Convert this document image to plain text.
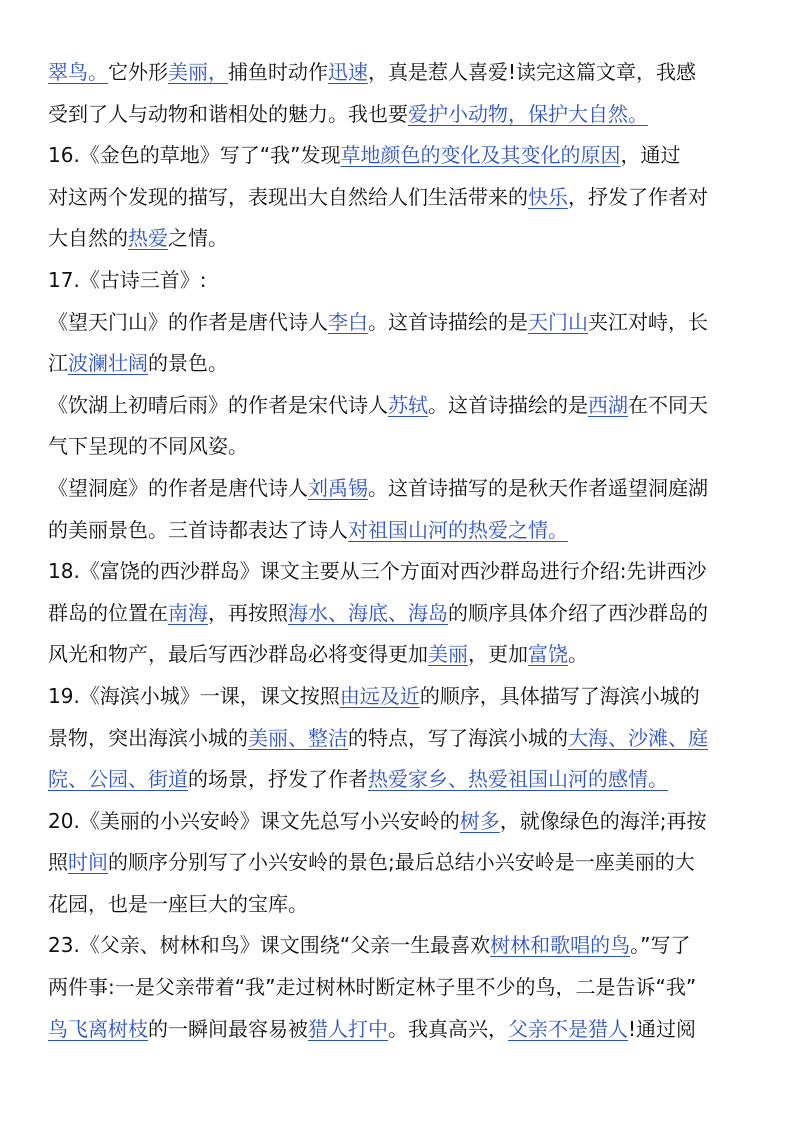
翠鸟。它外形美丽，捕鱼时动作迅速，真是惹人喜爱!读完这篇文章，我感
受到了人与动物和谐相处的魅力。我也要爱护小动物，保护大自然。
16.《金色的草地》写了“我”发现草地颜色的变化及其变化的原因，通过
对这两个发现的描写，表现出大自然给人们生活带来的快乐，抒发了作者对
大自然的热爱之情。
17.《古诗三首》:
《望天门山》的作者是唐代诗人李白。这首诗描绘的是天门山夹江对峙，长
江波澜壮阔的景色。
《饮湖上初晴后雨》的作者是宋代诗人苏轼。这首诗描绘的是西湖在不同天
气下呈现的不同风姿。
《望洞庭》的作者是唐代诗人刘禹锡。这首诗描写的是秋天作者遥望洞庭湖
的美丽景色。三首诗都表达了诗人对祖国山河的热爱之情。
18.《富饶的西沙群岛》课文主要从三个方面对西沙群岛进行介绍:先讲西沙
群岛的位置在南海，再按照海水、海底、海岛的顺序具体介绍了西沙群岛的
风光和物产，最后写西沙群岛必将变得更加美丽，更加富饶。
19.《海滨小城》一课，课文按照由远及近的顺序，具体描写了海滨小城的
景物，突出海滨小城的美丽、整洁的特点，写了海滨小城的大海、沙滩、庭
院、公园、街道的场景，抒发了作者热爱家乡、热爱祖国山河的感情。
20.《美丽的小兴安岭》课文先总写小兴安岭的树多，就像绿色的海洋;再按
照时间的顺序分别写了小兴安岭的景色;最后总结小兴安岭是一座美丽的大
花园，也是一座巨大的宝库。
23.《父亲、树林和鸟》课文围绕“父亲一生最喜欢树林和歌唱的鸟。”写了
两件事:一是父亲带着“我”走过树林时断定林子里不少的鸟，二是告诉“我”
鸟飞离树枝的一瞬间最容易被猎人打中。我真高兴，父亲不是猎人!通过阅
